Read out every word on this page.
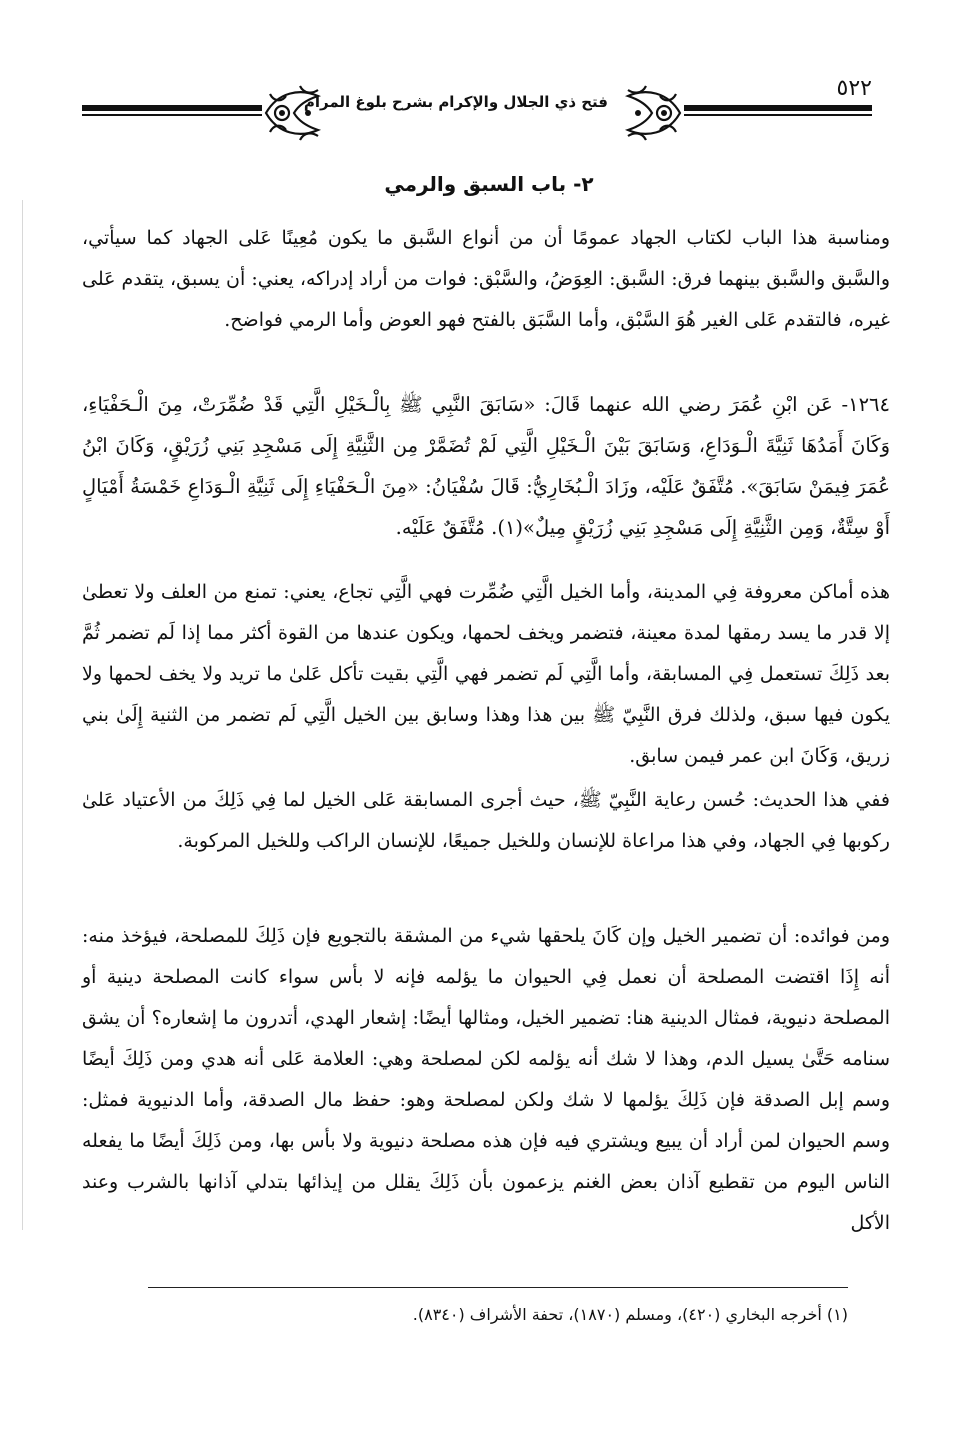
٥٢٢
فتح ذي الجلال والإكرام بشرح بلوغ المرام
٢- باب السبق والرمي

ومناسبة هذا الباب لكتاب الجهاد عمومًا أن من أنواع السَّبق ما يكون مُعِينًا عَلى الجهاد كما سيأتي، والسَّبق والسَّبق بينهما فرق: السَّبق: العِوَضُ، والسَّبْق: فوات من أراد إدراكه، يعني: أن يسبق، يتقدم عَلى غيره، فالتقدم عَلى الغير هُوَ السَّبْق، وأما السَّبَق بالفتح فهو العوض وأما الرمي فواضح.

١٢٦٤- عَن ابْنِ عُمَرَ رضي الله عنهما قَالَ: «سَابَقَ النَّبِي ﷺ بِالْـخَيْلِ الَّتِي قَدْ ضُمِّرَتْ، مِنَ الْـحَفْيَاءِ، وَكَانَ أَمَدُهَا ثَنِيَّةَ الْـوَدَاعِ، وَسَابَقَ بَيْنَ الْـخَيْلِ الَّتِي لَمْ تُضَمَّرْ مِن الثَّنِيَّةِ إِلَى مَسْجِدِ بَنِي زُرَيْقٍ، وَكَانَ ابْنُ عُمَرَ فِيمَنْ سَابَقَ». مُتَّفَقٌ عَلَيْه، وزَادَ الْـبُخَارِيُّ: قَالَ سُفْيَانُ: «مِنَ الْـحَفْيَاءِ إِلَى ثَنِيَّةِ الْـوَدَاعِ خَمْسَةُ أَمْيَالٍ أَوْ سِتَّةٌ، وَمِن الثَّنِيَّةِ إِلَى مَسْجِدِ بَنِي زُرَيْقٍ مِيلٌ»(١). مُتَّفَقٌ عَلَيْه.

هذه أماكن معروفة فِي المدينة، وأما الخيل الَّتِي ضُمِّرت فهي الَّتِي تجاع، يعني: تمنع من العلف ولا تعطىٰ إلا قدر ما يسد رمقها لمدة معينة، فتضمر ويخف لحمها، ويكون عندها من القوة أكثر مما إذا لَم تضمر ثُمَّ بعد ذَلِكَ تستعمل فِي المسابقة، وأما الَّتِي لَم تضمر فهي الَّتِي بقيت تأكل عَلىٰ ما تريد ولا يخف لحمها ولا يكون فيها سبق، ولذلك فرق النَّبِيّ ﷺ بين هذا وهذا وسابق بين الخيل الَّتِي لَم تضمر من الثنية إِلَىٰ بني زريق، وَكَانَ ابن عمر فيمن سابق.

ففي هذا الحديث: حُسن رعاية النَّبِيّ ﷺ، حيث أجرى المسابقة عَلى الخيل لما فِي ذَلِكَ من الأعتياد عَلىٰ ركوبها فِي الجهاد، وفي هذا مراعاة للإنسان وللخيل جميعًا، للإنسان الراكب وللخيل المركوبة.

ومن فوائده: أن تضمير الخيل وإن كَانَ يلحقها شيء من المشقة بالتجويع فإن ذَلِكَ للمصلحة، فيؤخذ منه: أنه إِذَا اقتضت المصلحة أن نعمل فِي الحيوان ما يؤلمه فإنه لا بأس سواء كانت المصلحة دينية أو المصلحة دنيوية، فمثال الدينية هنا: تضمير الخيل، ومثالها أيضًا: إشعار الهدي، أتدرون ما إشعاره؟ أن يشق سنامه حَتَّىٰ يسيل الدم، وهذا لا شك أنه يؤلمه لكن لمصلحة وهي: العلامة عَلى أنه هدي ومن ذَلِكَ أيضًا وسم إبل الصدقة فإن ذَلِكَ يؤلمها لا شك ولكن لمصلحة وهو: حفظ مال الصدقة، وأما الدنيوية فمثل: وسم الحيوان لمن أراد أن يبيع ويشتري فيه فإن هذه مصلحة دنيوية ولا بأس بها، ومن ذَلِكَ أيضًا ما يفعله الناس اليوم من تقطيع آذان بعض الغنم يزعمون بأن ذَلِكَ يقلل من إيذائها بتدلي آذانها بالشرب وعند الأكل

(١) أخرجه البخاري (٤٢٠)، ومسلم (١٨٧٠)، تحفة الأشراف (٨٣٤٠).
